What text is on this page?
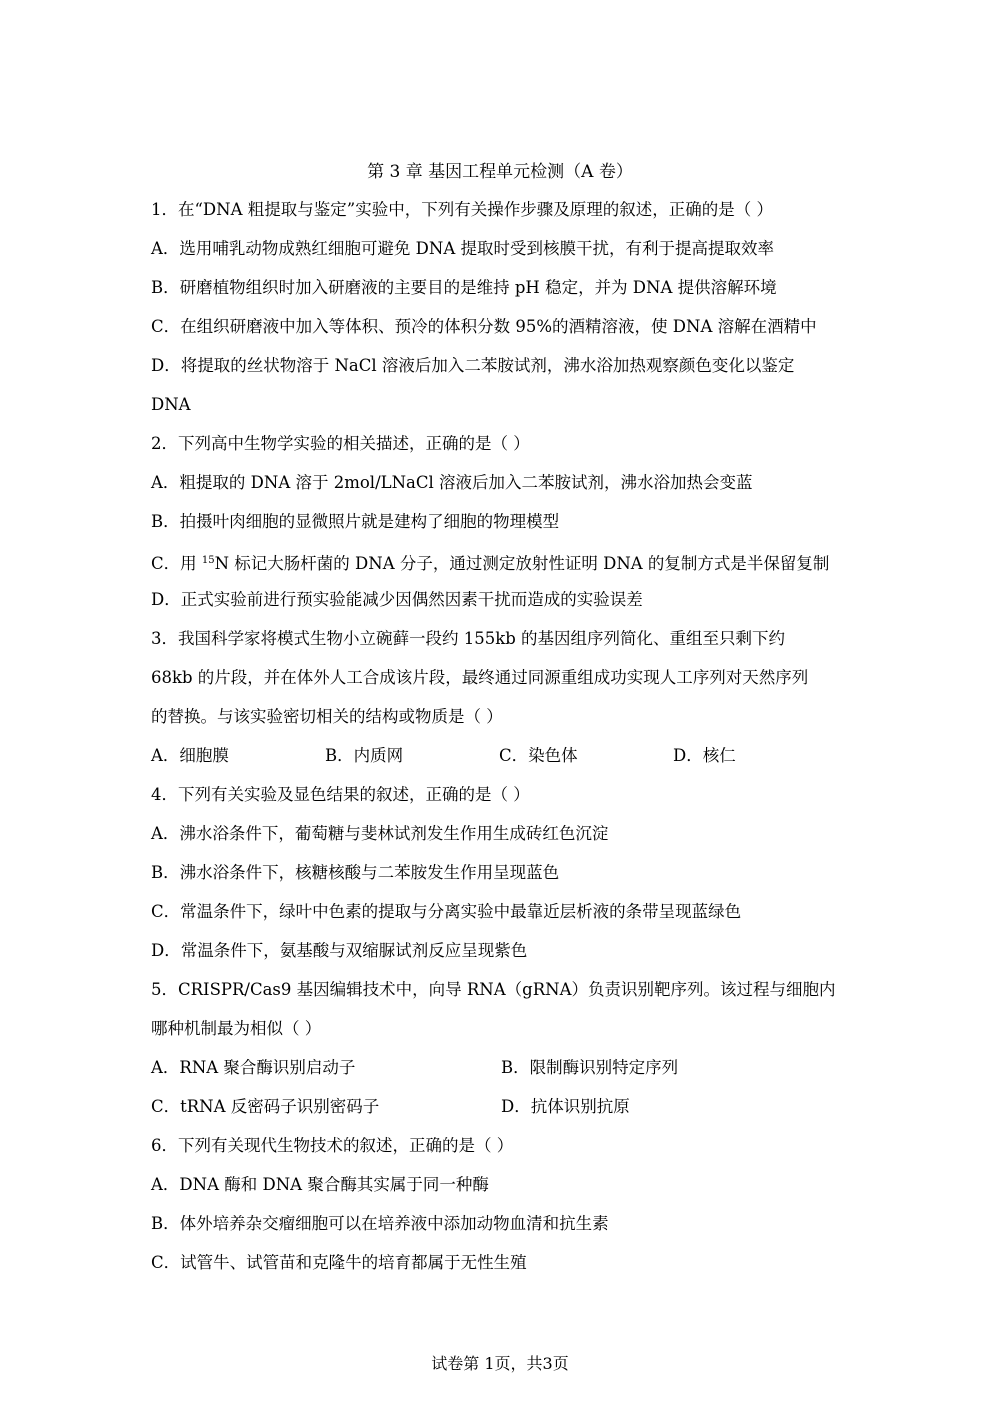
第 3 章 基因工程单元检测（A 卷）
1．在“DNA 粗提取与鉴定”实验中，下列有关操作步骤及原理的叙述，正确的是（ ）
A．选用哺乳动物成熟红细胞可避免 DNA 提取时受到核膜干扰，有利于提高提取效率
B．研磨植物组织时加入研磨液的主要目的是维持 pH 稳定，并为 DNA 提供溶解环境
C．在组织研磨液中加入等体积、预冷的体积分数 95%的酒精溶液，使 DNA 溶解在酒精中
D．将提取的丝状物溶于 NaCl 溶液后加入二苯胺试剂，沸水浴加热观察颜色变化以鉴定
DNA
2．下列高中生物学实验的相关描述，正确的是（ ）
A．粗提取的 DNA 溶于 2mol/LNaCl 溶液后加入二苯胺试剂，沸水浴加热会变蓝
B．拍摄叶肉细胞的显微照片就是建构了细胞的物理模型
C．用 $^{15}$N 标记大肠杆菌的 DNA 分子，通过测定放射性证明 DNA 的复制方式是半保留复制
D．正式实验前进行预实验能减少因偶然因素干扰而造成的实验误差
3．我国科学家将模式生物小立碗藓一段约 155kb 的基因组序列简化、重组至只剩下约
68kb 的片段，并在体外人工合成该片段，最终通过同源重组成功实现人工序列对天然序列
的替换。与该实验密切相关的结构或物质是（ ）
A．细胞膜	B．内质网	C．染色体	D．核仁
4．下列有关实验及显色结果的叙述，正确的是（ ）
A．沸水浴条件下，葡萄糖与斐林试剂发生作用生成砖红色沉淀
B．沸水浴条件下，核糖核酸与二苯胺发生作用呈现蓝色
C．常温条件下，绿叶中色素的提取与分离实验中最靠近层析液的条带呈现蓝绿色
D．常温条件下，氨基酸与双缩脲试剂反应呈现紫色
5．CRISPR/Cas9 基因编辑技术中，向导 RNA（gRNA）负责识别靶序列。该过程与细胞内
哪种机制最为相似（ ）
A．RNA 聚合酶识别启动子	B．限制酶识别特定序列
C．tRNA 反密码子识别密码子	D．抗体识别抗原
6．下列有关现代生物技术的叙述，正确的是（ ）
A．DNA 酶和 DNA 聚合酶其实属于同一种酶
B．体外培养杂交瘤细胞可以在培养液中添加动物血清和抗生素
C．试管牛、试管苗和克隆牛的培育都属于无性生殖
试卷第 1页，共3页
